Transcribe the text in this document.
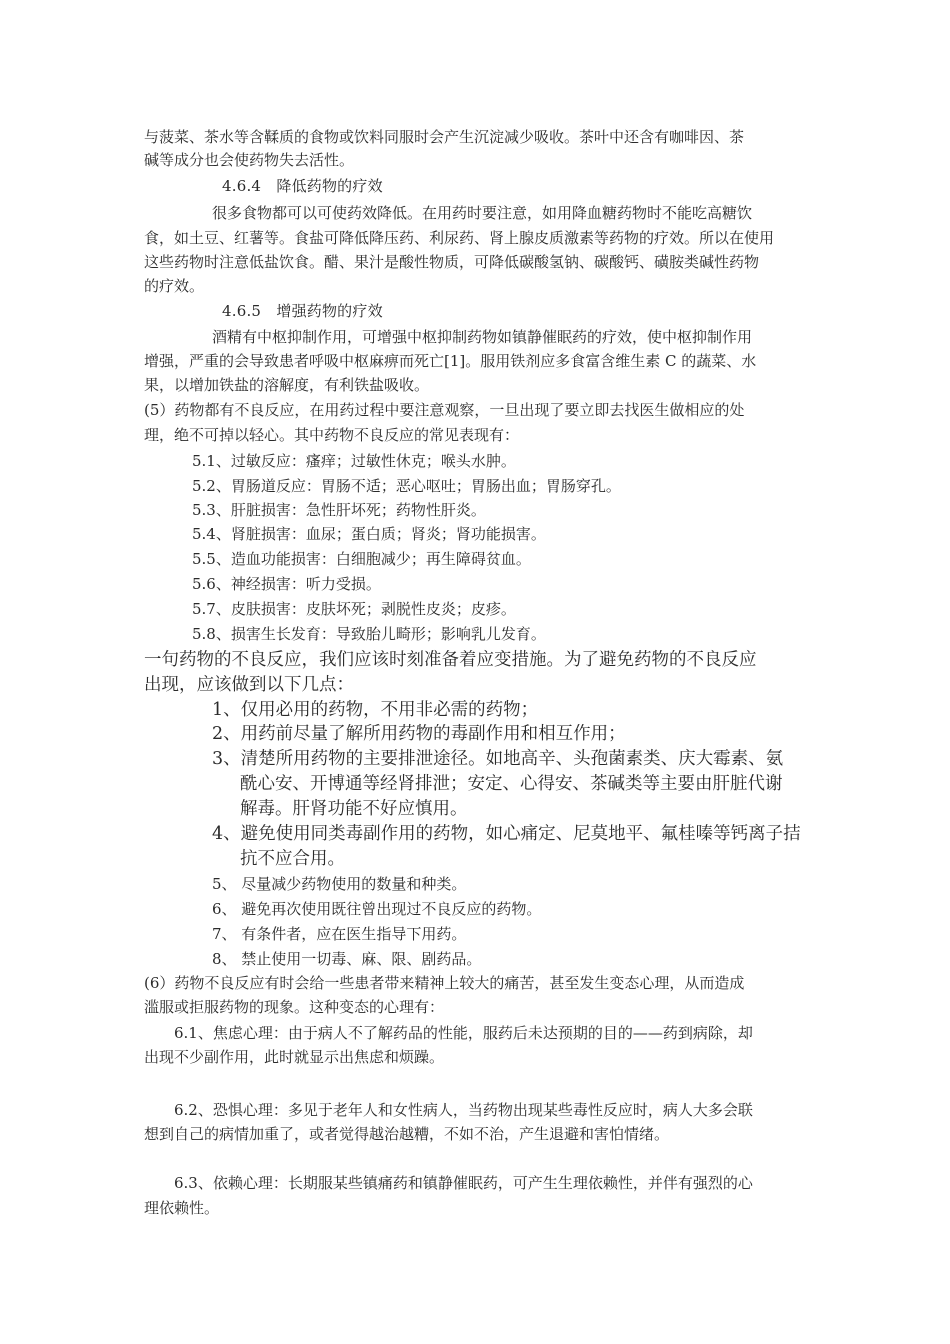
与菠菜、茶水等含鞣质的食物或饮料同服时会产生沉淀减少吸收。茶叶中还含有咖啡因、茶
碱等成分也会使药物失去活性。
4.6.4　降低药物的疗效
很多食物都可以可使药效降低。在用药时要注意，如用降血糖药物时不能吃高糖饮
食，如土豆、红薯等。食盐可降低降压药、利尿药、肾上腺皮质激素等药物的疗效。所以在使用
这些药物时注意低盐饮食。醋、果汁是酸性物质，可降低碳酸氢钠、碳酸钙、磺胺类碱性药物
的疗效。
4.6.5　增强药物的疗效
酒精有中枢抑制作用，可增强中枢抑制药物如镇静催眠药的疗效，使中枢抑制作用
增强，严重的会导致患者呼吸中枢麻痹而死亡[1]。服用铁剂应多食富含维生素 C 的蔬菜、水
果，以增加铁盐的溶解度，有利铁盐吸收。
(5）药物都有不良反应，在用药过程中要注意观察，一旦出现了要立即去找医生做相应的处
理，绝不可掉以轻心。其中药物不良反应的常见表现有：
5.1、过敏反应：瘙痒；过敏性休克；喉头水肿。
5.2、胃肠道反应：胃肠不适；恶心呕吐；胃肠出血；胃肠穿孔。
5.3、肝脏损害：急性肝坏死；药物性肝炎。
5.4、肾脏损害：血尿；蛋白质；肾炎；肾功能损害。
5.5、造血功能损害：白细胞减少；再生障碍贫血。
5.6、神经损害：听力受损。
5.7、皮肤损害：皮肤坏死；剥脱性皮炎；皮疹。
5.8、损害生长发育：导致胎儿畸形；影响乳儿发育。
一句药物的不良反应，我们应该时刻准备着应变措施。为了避免药物的不良反应
出现，应该做到以下几点：
1、仅用必用的药物，不用非必需的药物；
2、用药前尽量了解所用药物的毒副作用和相互作用；
3、清楚所用药物的主要排泄途径。如地高辛、头孢菌素类、庆大霉素、氨
酰心安、开博通等经肾排泄；安定、心得安、茶碱类等主要由肝脏代谢
解毒。肝肾功能不好应慎用。
4、避免使用同类毒副作用的药物，如心痛定、尼莫地平、氟桂嗪等钙离子拮
抗不应合用。
5、 尽量减少药物使用的数量和种类。
6、 避免再次使用既往曾出现过不良反应的药物。
7、 有条件者，应在医生指导下用药。
8、 禁止使用一切毒、麻、限、剧药品。
(6）药物不良反应有时会给一些患者带来精神上较大的痛苦，甚至发生变态心理，从而造成
滥服或拒服药物的现象。这种变态的心理有：
6.1、焦虑心理：由于病人不了解药品的性能，服药后未达预期的目的——药到病除，却
出现不少副作用，此时就显示出焦虑和烦躁。
6.2、恐惧心理：多见于老年人和女性病人，当药物出现某些毒性反应时，病人大多会联
想到自己的病情加重了，或者觉得越治越糟，不如不治，产生退避和害怕情绪。
6.3、依赖心理：长期服某些镇痛药和镇静催眠药，可产生生理依赖性，并伴有强烈的心
理依赖性。
